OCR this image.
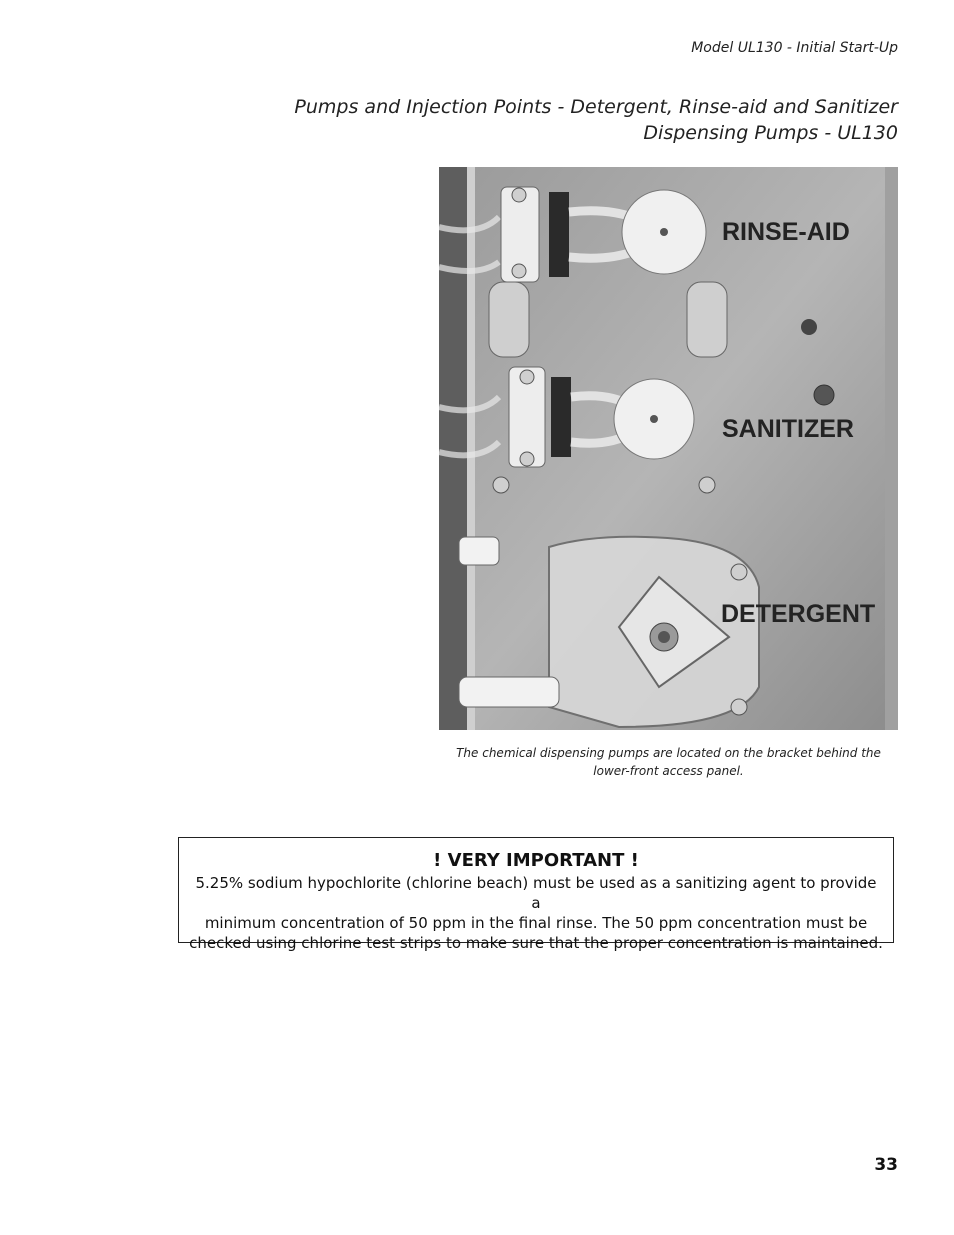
Model UL130 - Initial Start-Up
Pumps and Injection Points - Detergent, Rinse-aid and Sanitizer
Dispensing Pumps - UL130
RINSE-AID
SANITIZER
DETERGENT
The chemical dispensing pumps are located on the bracket behind the
lower-front access panel.
! VERY IMPORTANT !
5.25% sodium hypochlorite (chlorine beach) must be used as a sanitizing agent to provide a
minimum concentration of 50 ppm in the final rinse. The 50 ppm concentration must be
checked using chlorine test strips to make sure that the proper concentration is maintained.
33
